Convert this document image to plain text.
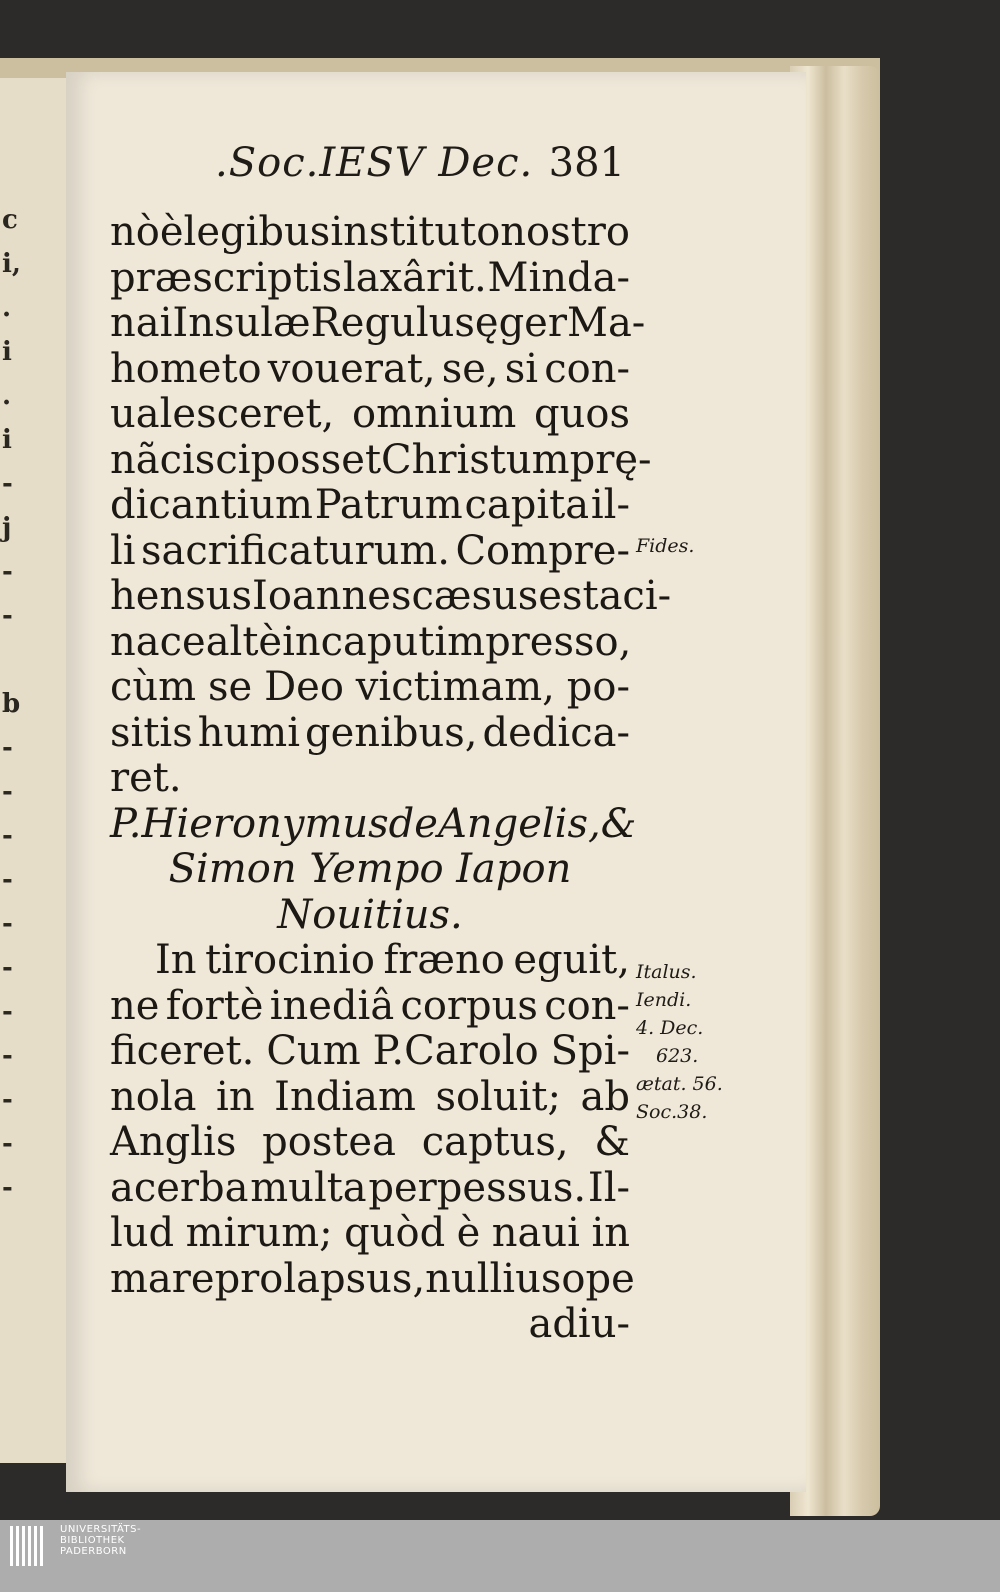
c
i,
.
i
.
i
-
j
-
-
b
-
-
-
-
-
-
-
-
-
-
-
.Soc.IESV Dec. 381
nò è legibus instituto nostro
præscriptis laxârit. Minda-
nai Insulæ Regulus ęger Ma-
hometo vouerat, se, si con-
ualesceret, omnium quos
nãcisci posset Christum prę-
dicantium Patrum capita il-
li sacrificaturum. Compre-
hensus Ioannes cæsus est aci-
nace altè in caput impresso,
cùm se Deo victimam, po-
sitis humi genibus, dedica-
ret.
P. Hieronymus de Angelis, &
Simon Yempo Iapon
Nouitius.
In tirocinio fræno eguit,
ne fortè inediâ corpus con-
ficeret. Cum P.Carolo Spi-
nola in Indiam soluit; ab
Anglis postea captus, &
acerba multa perpessus. Il-
lud mirum; quòd è naui in
mare prolapsus, nullius ope
adiu-
Fides.
Italus.
Iendi.
4. Dec.
623.
ætat. 56.
Soc.38.
UNIVERSITÄTS-
BIBLIOTHEK
PADERBORN
